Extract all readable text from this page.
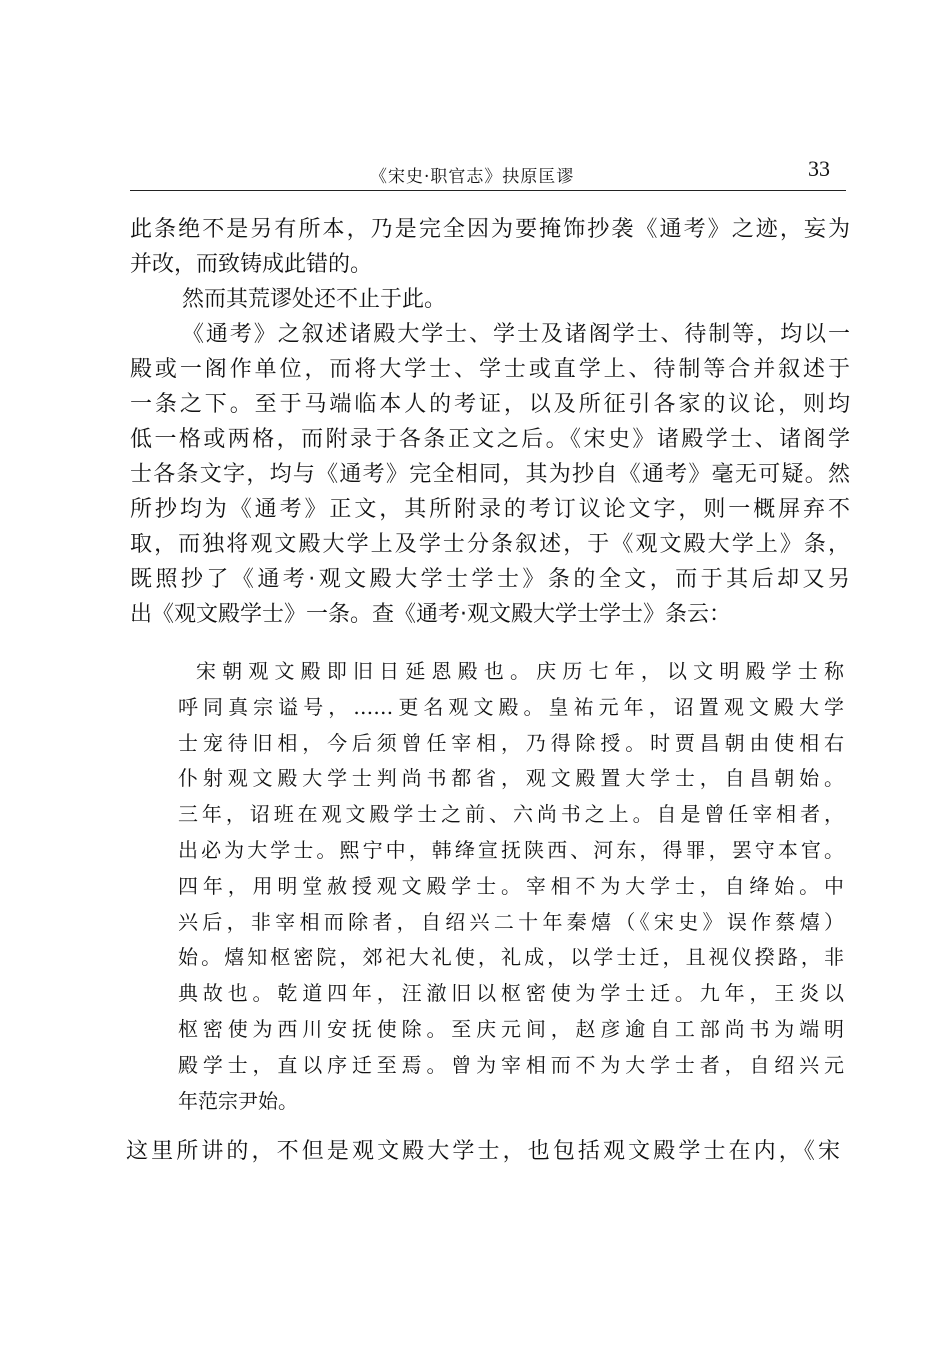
《宋史·职官志》抉原匡谬	33
此条绝不是另有所本，乃是完全因为要掩饰抄袭《通考》之迹，妄为
并改，而致铸成此错的。
然而其荒谬处还不止于此。
《通考》之叙述诸殿大学士、学士及诸阁学士、待制等，均以一
殿或一阁作单位，而将大学士、学士或直学上、待制等合并叙述于
一条之下。至于马端临本人的考证，以及所征引各家的议论，则均
低一格或两格，而附录于各条正文之后。《宋史》诸殿学士、诸阁学
士各条文字，均与《通考》完全相同，其为抄自《通考》毫无可疑。然
所抄均为《通考》正文，其所附录的考订议论文字，则一概屏弃不
取，而独将观文殿大学上及学士分条叙述，于《观文殿大学上》条，
既照抄了《通考·观文殿大学士学士》条的全文，而于其后却又另
出《观文殿学士》一条。查《通考·观文殿大学士学士》条云：
宋朝观文殿即旧日延恩殿也。庆历七年，以文明殿学士称
呼同真宗谥号，……更名观文殿。皇祐元年，诏置观文殿大学
士宠待旧相，今后须曾任宰相，乃得除授。时贾昌朝由使相右
仆射观文殿大学士判尚书都省，观文殿置大学士，自昌朝始。
三年，诏班在观文殿学士之前、六尚书之上。自是曾任宰相者，
出必为大学士。熙宁中，韩绛宣抚陕西、河东，得罪，罢守本官。
四年，用明堂赦授观文殿学士。宰相不为大学士，自绛始。中
兴后，非宰相而除者，自绍兴二十年秦熺（《宋史》误作蔡熺）
始。熺知枢密院，郊祀大礼使，礼成，以学士迁，且视仪揆路，非
典故也。乾道四年，汪澈旧以枢密使为学士迁。九年，王炎以
枢密使为西川安抚使除。至庆元间，赵彦逾自工部尚书为端明
殿学士，直以序迁至焉。曾为宰相而不为大学士者，自绍兴元
年范宗尹始。
这里所讲的，不但是观文殿大学士，也包括观文殿学士在内，《宋
